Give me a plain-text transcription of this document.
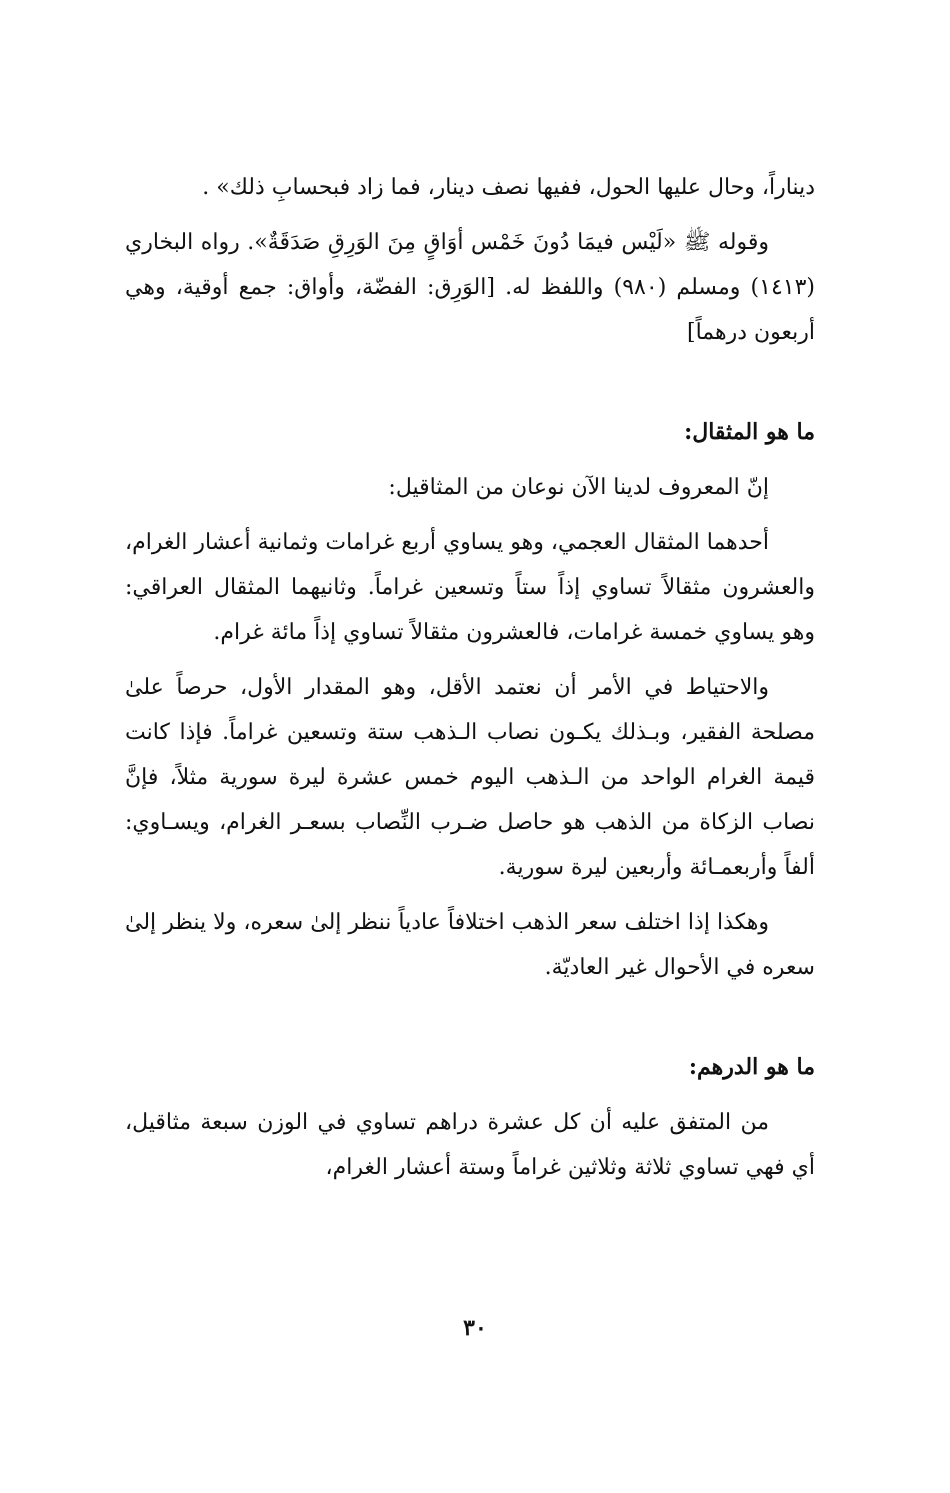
ديناراً، وحال عليها الحول، ففيها نصف دينار، فما زاد فبحسابِ ذلك» .

وقوله ﷺ «لَيْس فيمَا دُونَ خَمْس أوَاقٍ مِنَ الوَرِقِ صَدَقَةٌ». رواه البخاري (١٤١٣) ومسلم (٩٨٠) واللفظ له. [الوَرِق: الفضّة، وأواق: جمع أوقية، وهي أربعون درهماً]

ما هو المثقال:

إنّ المعروف لدينا الآن نوعان من المثاقيل:

أحدهما المثقال العجمي، وهو يساوي أربع غرامات وثمانية أعشار الغرام، والعشرون مثقالاً تساوي إذاً ستاً وتسعين غراماً. وثانيهما المثقال العراقي: وهو يساوي خمسة غرامات، فالعشرون مثقالاً تساوي إذاً مائة غرام.

والاحتياط في الأمر أن نعتمد الأقل، وهو المقدار الأول، حرصاً علىٰ مصلحة الفقير، وبـذلك يكـون نصاب الـذهب ستة وتسعين غراماً. فإذا كانت قيمة الغرام الواحد من الـذهب اليوم خمس عشرة ليرة سورية مثلاً، فإنَّ نصاب الزكاة من الذهب هو حاصل ضـرب النِّصاب بسعـر الغرام، ويسـاوي: ألفاً وأربعمـائة وأربعين ليرة سورية.

وهكذا إذا اختلف سعر الذهب اختلافاً عادياً ننظر إلىٰ سعره، ولا ينظر إلىٰ سعره في الأحوال غير العاديّة.

ما هو الدرهم:

من المتفق عليه أن كل عشرة دراهم تساوي في الوزن سبعة مثاقيل، أي فهي تساوي ثلاثة وثلاثين غراماً وستة أعشار الغرام،

٣٠
